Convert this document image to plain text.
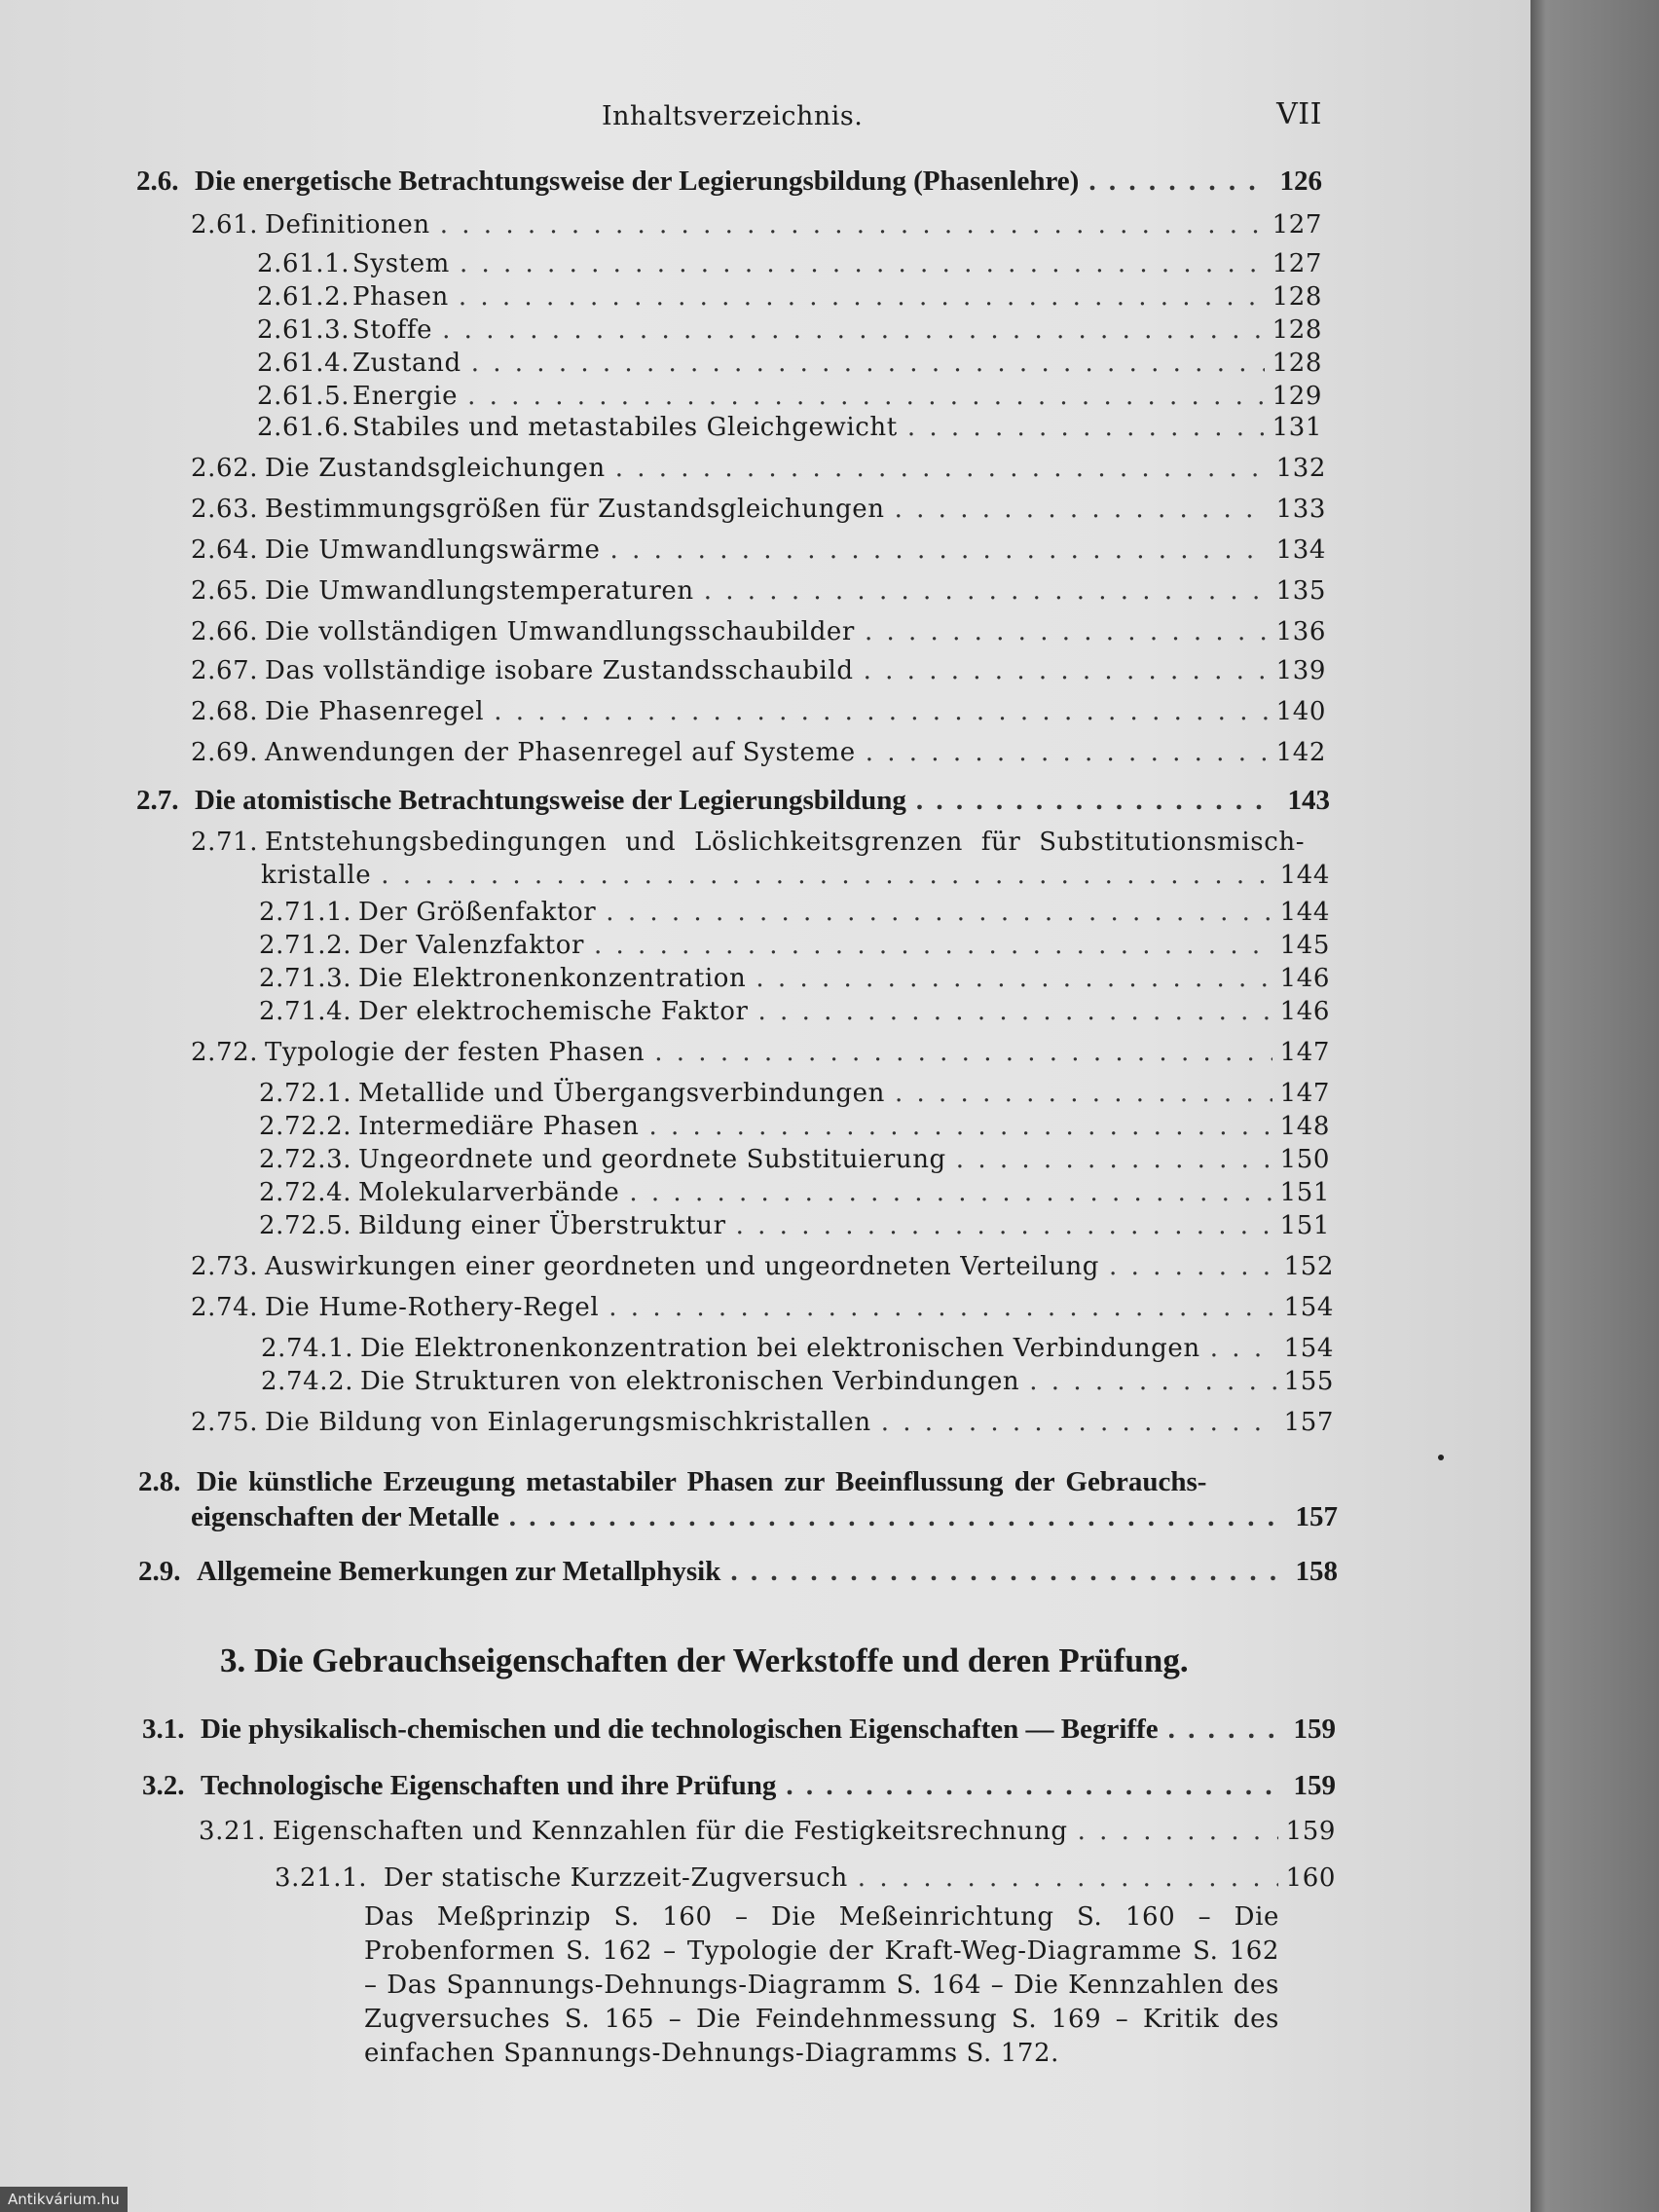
Inhaltsverzeichnis.	VII
2.6. Die energetische Betrachtungsweise der Legierungsbildung (Phasenlehre) . . .	126
2.61. Definitionen . . .	127
2.61.1. System . . .	127
2.61.2. Phasen . . .	128
2.61.3. Stoffe . . .	128
2.61.4. Zustand . . .	128
2.61.5. Energie . . .	129
2.61.6. Stabiles und metastabiles Gleichgewicht . . .	131
2.62. Die Zustandsgleichungen . . .	132
2.63. Bestimmungsgrößen für Zustandsgleichungen . . .	133
2.64. Die Umwandlungswärme . . .	134
2.65. Die Umwandlungstemperaturen . . .	135
2.66. Die vollständigen Umwandlungsschaubilder . . .	136
2.67. Das vollständige isobare Zustandsschaubild . . .	139
2.68. Die Phasenregel . . .	140
2.69. Anwendungen der Phasenregel auf Systeme . . .	142
2.7. Die atomistische Betrachtungsweise der Legierungsbildung . . .	143
2.71. Entstehungsbedingungen und Löslichkeitsgrenzen für Substitutionsmisch-
kristalle . . .	144
2.71.1. Der Größenfaktor . . .	144
2.71.2. Der Valenzfaktor . . .	145
2.71.3. Die Elektronenkonzentration . . .	146
2.71.4. Der elektrochemische Faktor . . .	146
2.72. Typologie der festen Phasen . . .	147
2.72.1. Metallide und Übergangsverbindungen . . .	147
2.72.2. Intermediäre Phasen . . .	148
2.72.3. Ungeordnete und geordnete Substituierung . . .	150
2.72.4. Molekularverbände . . .	151
2.72.5. Bildung einer Überstruktur . . .	151
2.73. Auswirkungen einer geordneten und ungeordneten Verteilung . . .	152
2.74. Die Hume-Rothery-Regel . . .	154
2.74.1. Die Elektronenkonzentration bei elektronischen Verbindungen . . .	154
2.74.2. Die Strukturen von elektronischen Verbindungen . . .	155
2.75. Die Bildung von Einlagerungsmischkristallen . . .	157
2.8. Die künstliche Erzeugung metastabiler Phasen zur Beeinflussung der Gebrauchs-
eigenschaften der Metalle . . .	157
2.9. Allgemeine Bemerkungen zur Metallphysik . . .	158
3. Die Gebrauchseigenschaften der Werkstoffe und deren Prüfung.
3.1. Die physikalisch-chemischen und die technologischen Eigenschaften — Begriffe . . .	159
3.2. Technologische Eigenschaften und ihre Prüfung . . .	159
3.21. Eigenschaften und Kennzahlen für die Festigkeitsrechnung . . .	159
3.21.1. Der statische Kurzzeit-Zugversuch . . .	160
Das Meßprinzip S. 160 – Die Meßeinrichtung S. 160 – Die Probenformen S. 162 – Typologie der Kraft-Weg-Diagramme S. 162 – Das Spannungs-Dehnungs-Diagramm S. 164 – Die Kennzahlen des Zugversuches S. 165 – Die Feindehnmessung S. 169 – Kritik des einfachen Spannungs-Dehnungs-Diagramms S. 172.
Antikvárium.hu
